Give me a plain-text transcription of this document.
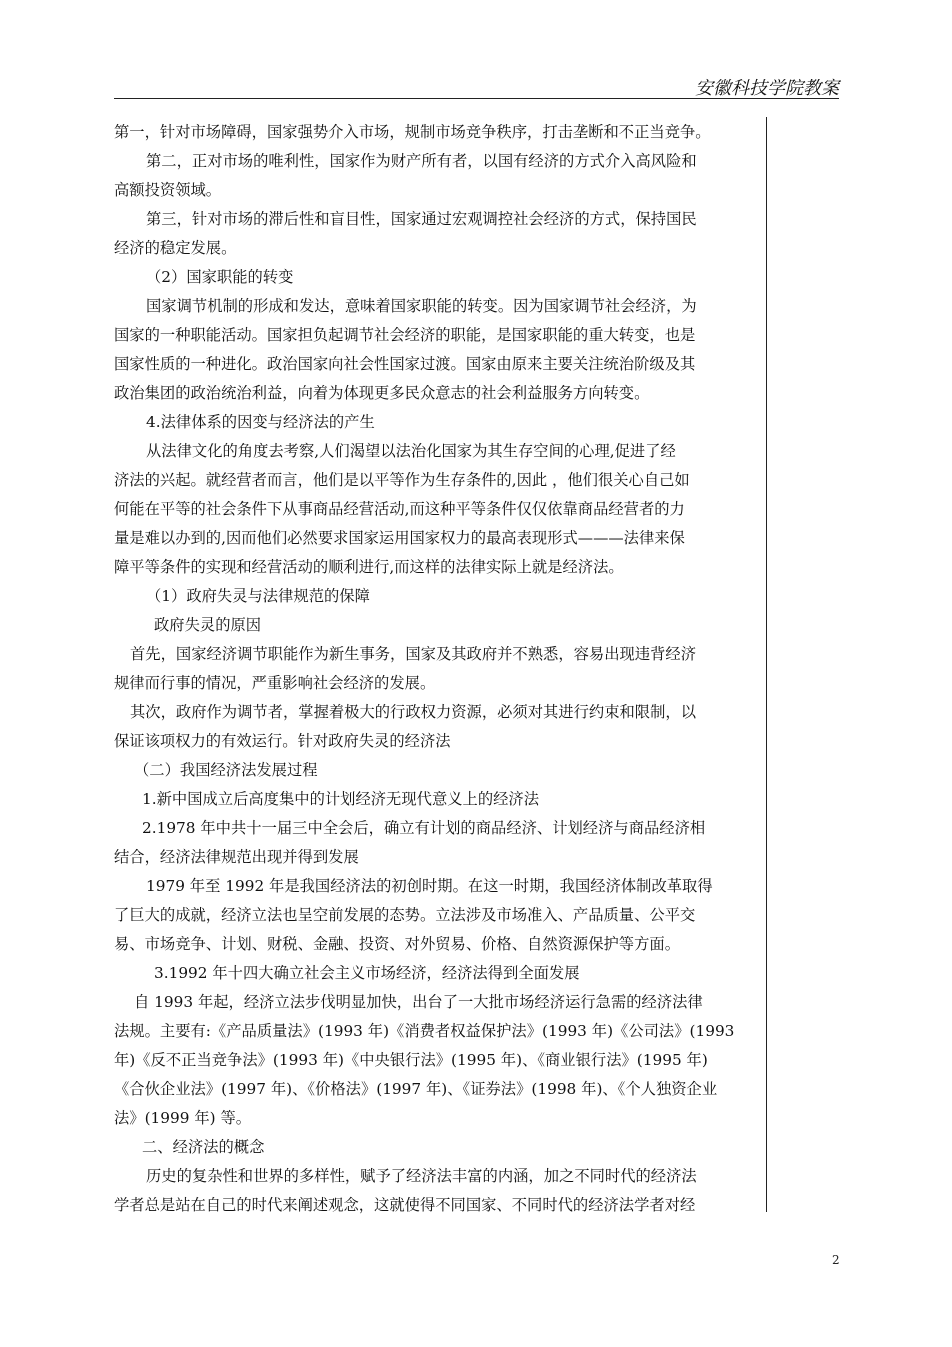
安徽科技学院教案
第一，针对市场障碍，国家强势介入市场，规制市场竞争秩序，打击垄断和不正当竞争。
第二，正对市场的唯利性，国家作为财产所有者，以国有经济的方式介入高风险和
高额投资领域。
第三，针对市场的滞后性和盲目性，国家通过宏观调控社会经济的方式，保持国民
经济的稳定发展。
（2）国家职能的转变
国家调节机制的形成和发达，意味着国家职能的转变。因为国家调节社会经济，为
国家的一种职能活动。国家担负起调节社会经济的职能，是国家职能的重大转变，也是
国家性质的一种进化。政治国家向社会性国家过渡。国家由原来主要关注统治阶级及其
政治集团的政治统治利益，向着为体现更多民众意志的社会利益服务方向转变。
4.法律体系的因变与经济法的产生
从法律文化的角度去考察,人们渴望以法治化国家为其生存空间的心理,促进了经
济法的兴起。就经营者而言，他们是以平等作为生存条件的,因此 ，他们很关心自己如
何能在平等的社会条件下从事商品经营活动,而这种平等条件仅仅依靠商品经营者的力
量是难以办到的,因而他们必然要求国家运用国家权力的最高表现形式———法律来保
障平等条件的实现和经营活动的顺利进行,而这样的法律实际上就是经济法。
（1）政府失灵与法律规范的保障
政府失灵的原因
首先，国家经济调节职能作为新生事务，国家及其政府并不熟悉，容易出现违背经济
规律而行事的情况，严重影响社会经济的发展。
其次，政府作为调节者，掌握着极大的行政权力资源，必须对其进行约束和限制，以
保证该项权力的有效运行。针对政府失灵的经济法
（二）我国经济法发展过程
1.新中国成立后高度集中的计划经济无现代意义上的经济法
2.1978 年中共十一届三中全会后，确立有计划的商品经济、计划经济与商品经济相
结合，经济法律规范出现并得到发展
1979 年至 1992 年是我国经济法的初创时期。在这一时期，我国经济体制改革取得
了巨大的成就，经济立法也呈空前发展的态势。立法涉及市场准入、产品质量、公平交
易、市场竞争、计划、财税、金融、投资、对外贸易、价格、自然资源保护等方面。
3.1992 年十四大确立社会主义市场经济，经济法得到全面发展
自 1993 年起，经济立法步伐明显加快，出台了一大批市场经济运行急需的经济法律
法规。主要有:《产品质量法》(1993 年)《消费者权益保护法》(1993 年)《公司法》(1993
年)《反不正当竞争法》(1993 年)《中央银行法》(1995 年)、《商业银行法》(1995 年)
《合伙企业法》(1997 年)、《价格法》(1997 年)、《证券法》(1998 年)、《个人独资企业
法》(1999 年) 等。
二、经济法的概念
历史的复杂性和世界的多样性，赋予了经济法丰富的内涵，加之不同时代的经济法
学者总是站在自己的时代来阐述观念，这就使得不同国家、不同时代的经济法学者对经
2
